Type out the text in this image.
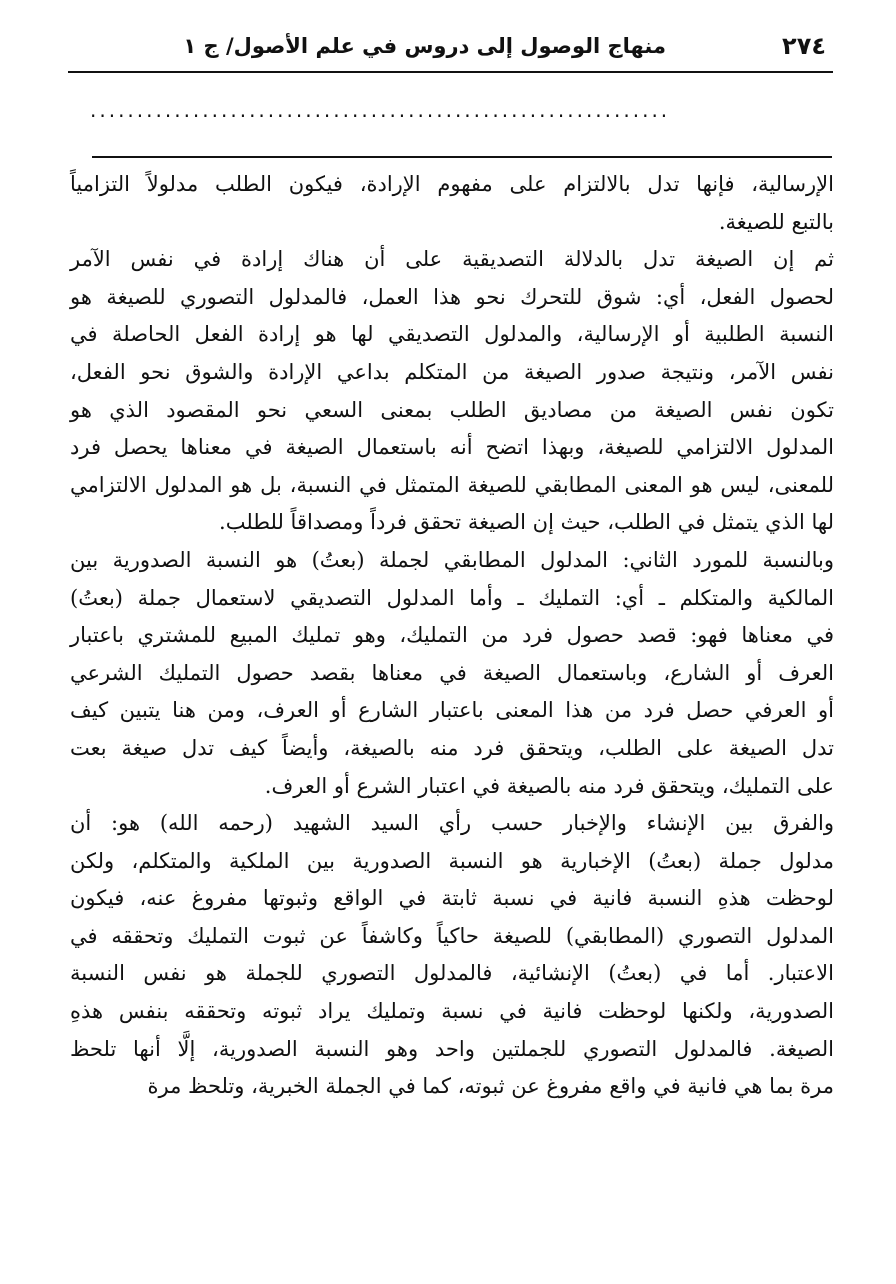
٢٧٤
منهاج الوصول إلى دروس في علم الأصول/ ج ١
..............................................................
الإرسالية، فإنها تدل بالالتزام على مفهوم الإرادة، فيكون الطلب مدلولاً التزامياً
بالتبع للصيغة.
ثم إن الصيغة تدل بالدلالة التصديقية على أن هناك إرادة في نفس الآمر
لحصول الفعل، أي: شوق للتحرك نحو هذا العمل، فالمدلول التصوري للصيغة هو
النسبة الطلبية أو الإرسالية، والمدلول التصديقي لها هو إرادة الفعل الحاصلة في
نفس الآمر، ونتيجة صدور الصيغة من المتكلم بداعي الإرادة والشوق نحو الفعل،
تكون نفس الصيغة من مصاديق الطلب بمعنى السعي نحو المقصود الذي هو
المدلول الالتزامي للصيغة، وبهذا اتضح أنه باستعمال الصيغة في معناها يحصل فرد
للمعنى، ليس هو المعنى المطابقي للصيغة المتمثل في النسبة، بل هو المدلول الالتزامي
لها الذي يتمثل في الطلب، حيث إن الصيغة تحقق فرداً ومصداقاً للطلب.
وبالنسبة للمورد الثاني: المدلول المطابقي لجملة (بعتُ) هو النسبة الصدورية بين
المالكية والمتكلم ـ أي: التمليك ـ وأما المدلول التصديقي لاستعمال جملة (بعتُ)
في معناها فهو: قصد حصول فرد من التمليك، وهو تمليك المبيع للمشتري باعتبار
العرف أو الشارع، وباستعمال الصيغة في معناها بقصد حصول التمليك الشرعي
أو العرفي حصل فرد من هذا المعنى باعتبار الشارع أو العرف، ومن هنا يتبين كيف
تدل الصيغة على الطلب، ويتحقق فرد منه بالصيغة، وأيضاً كيف تدل صيغة بعت
على التمليك، ويتحقق فرد منه بالصيغة في اعتبار الشرع أو العرف.
والفرق بين الإنشاء والإخبار حسب رأي السيد الشهيد (رحمه الله) هو: أن
مدلول جملة (بعتُ) الإخبارية هو النسبة الصدورية بين الملكية والمتكلم، ولكن
لوحظت هذهِ النسبة فانية في نسبة ثابتة في الواقع وثبوتها مفروغ عنه، فيكون
المدلول التصوري (المطابقي) للصيغة حاكياً وكاشفاً عن ثبوت التمليك وتحققه في
الاعتبار. أما في (بعتُ) الإنشائية، فالمدلول التصوري للجملة هو نفس النسبة
الصدورية، ولكنها لوحظت فانية في نسبة وتمليك يراد ثبوته وتحققه بنفس هذهِ
الصيغة. فالمدلول التصوري للجملتين واحد وهو النسبة الصدورية، إلَّا أنها تلحظ
مرة بما هي فانية في واقع مفروغ عن ثبوته، كما في الجملة الخبرية، وتلحظ مرة
